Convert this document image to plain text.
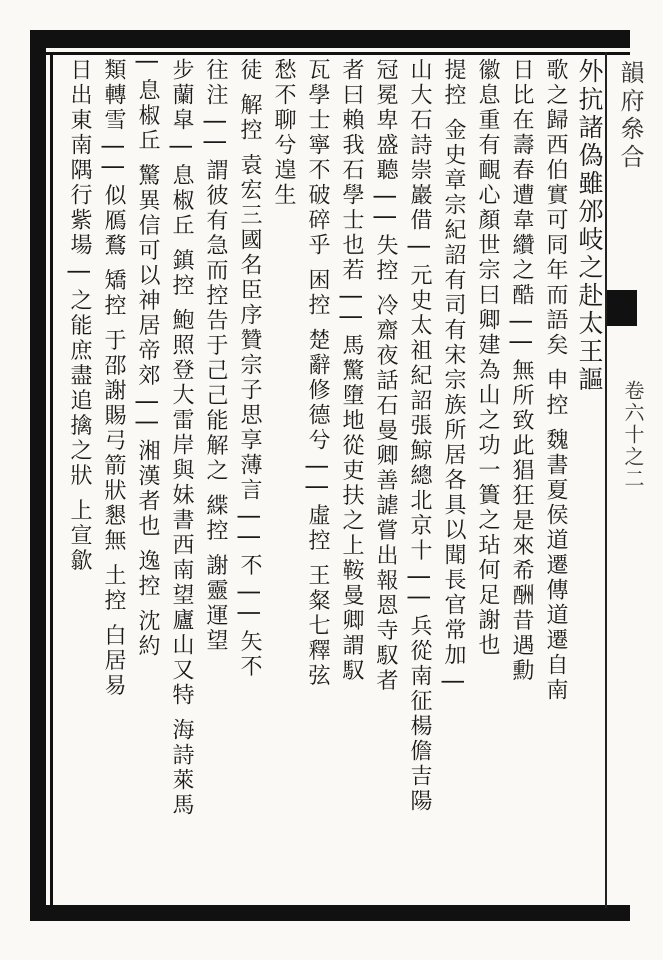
韻府㕘合
卷六十之二
外抗諸偽雖邠岐之赴太王謳
歌之歸西伯實可同年而語矣 申控 魏書夏侯道遷傳道遷自南
日比在壽春遭韋纘之酷 | | 無所致此猖狂是來希酬昔遇勳
徽息重有靦心顏世宗曰卿建為山之功一簣之玷何足謝也
提控 金史章宗紀詔有司有宋宗族所居各具以聞長官常加 |
山大石詩崇巖借 | 元史太祖紀詔張鯨總北京十 | | 兵從南征楊儋吉陽
冠冕卑盛聽 | | 失控 冷齋夜話石曼卿善謔嘗出報恩寺馭者
者曰賴我石學士也若 | | 馬驚墮地從吏扶之上鞍曼卿謂馭
瓦學士寧不破碎乎 困控 楚辭修德兮 | | 虛控 王粲七釋弦
愁不聊兮遑生
徒 解控 袁宏三國名臣序贊宗子思享薄言 | | 不 | | 矢不
往注 | | 謂彼有急而控告于己己能解之 緤控 謝靈運望
步蘭皐 | 息椒丘 鎮控 鮑照登大雷岸與妹書西南望廬山又特 海詩萊馬
| 息椒丘 驚異信可以神居帝郊 | | 湘漢者也 逸控 沈約
類轉雪 | | 似鴈鶩 矯控 于邵謝賜弓箭狀懇無 土控 白居易
日出東南隅行紫場 | 之能庶盡追擒之狀 上宣歙
